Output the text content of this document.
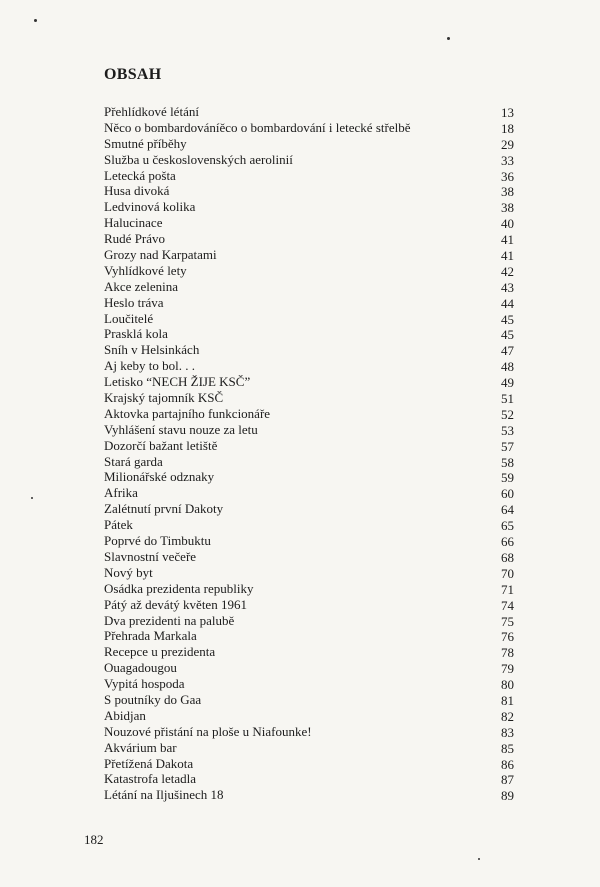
OBSAH
Přehlídkové létání	13
Něco o bombardováníěco o bombardování i letecké střelbě	18
Smutné příběhy	29
Služba u československých aerolinií	33
Letecká pošta	36
Husa divoká	38
Ledvinová kolika	38
Halucinace	40
Rudé Právo	41
Grozy nad Karpatami	41
Vyhlídkové lety	42
Akce zelenina	43
Heslo tráva	44
Loučitelé	45
Prasklá kola	45
Sníh v Helsinkách	47
Aj keby to bol. . .	48
Letisko “NECH ŽIJE KSČ”	49
Krajský tajomník KSČ	51
Aktovka partajního funkcionáře	52
Vyhlášení stavu nouze za letu	53
Dozorčí bažant letiště	57
Stará garda	58
Milionářské odznaky	59
Afrika	60
Zalétnutí první Dakoty	64
Pátek	65
Poprvé do Timbuktu	66
Slavnostní večeře	68
Nový byt	70
Osádka prezidenta republiky	71
Pátý až devátý květen 1961	74
Dva prezidenti na palubě	75
Přehrada Markala	76
Recepce u prezidenta	78
Ouagadougou	79
Vypitá hospoda	80
S poutníky do Gaa	81
Abidjan	82
Nouzové přistání na ploše u Niafounke!	83
Akvárium bar	85
Přetížená Dakota	86
Katastrofa letadla	87
Létání na Iljušinech 18	89
182
